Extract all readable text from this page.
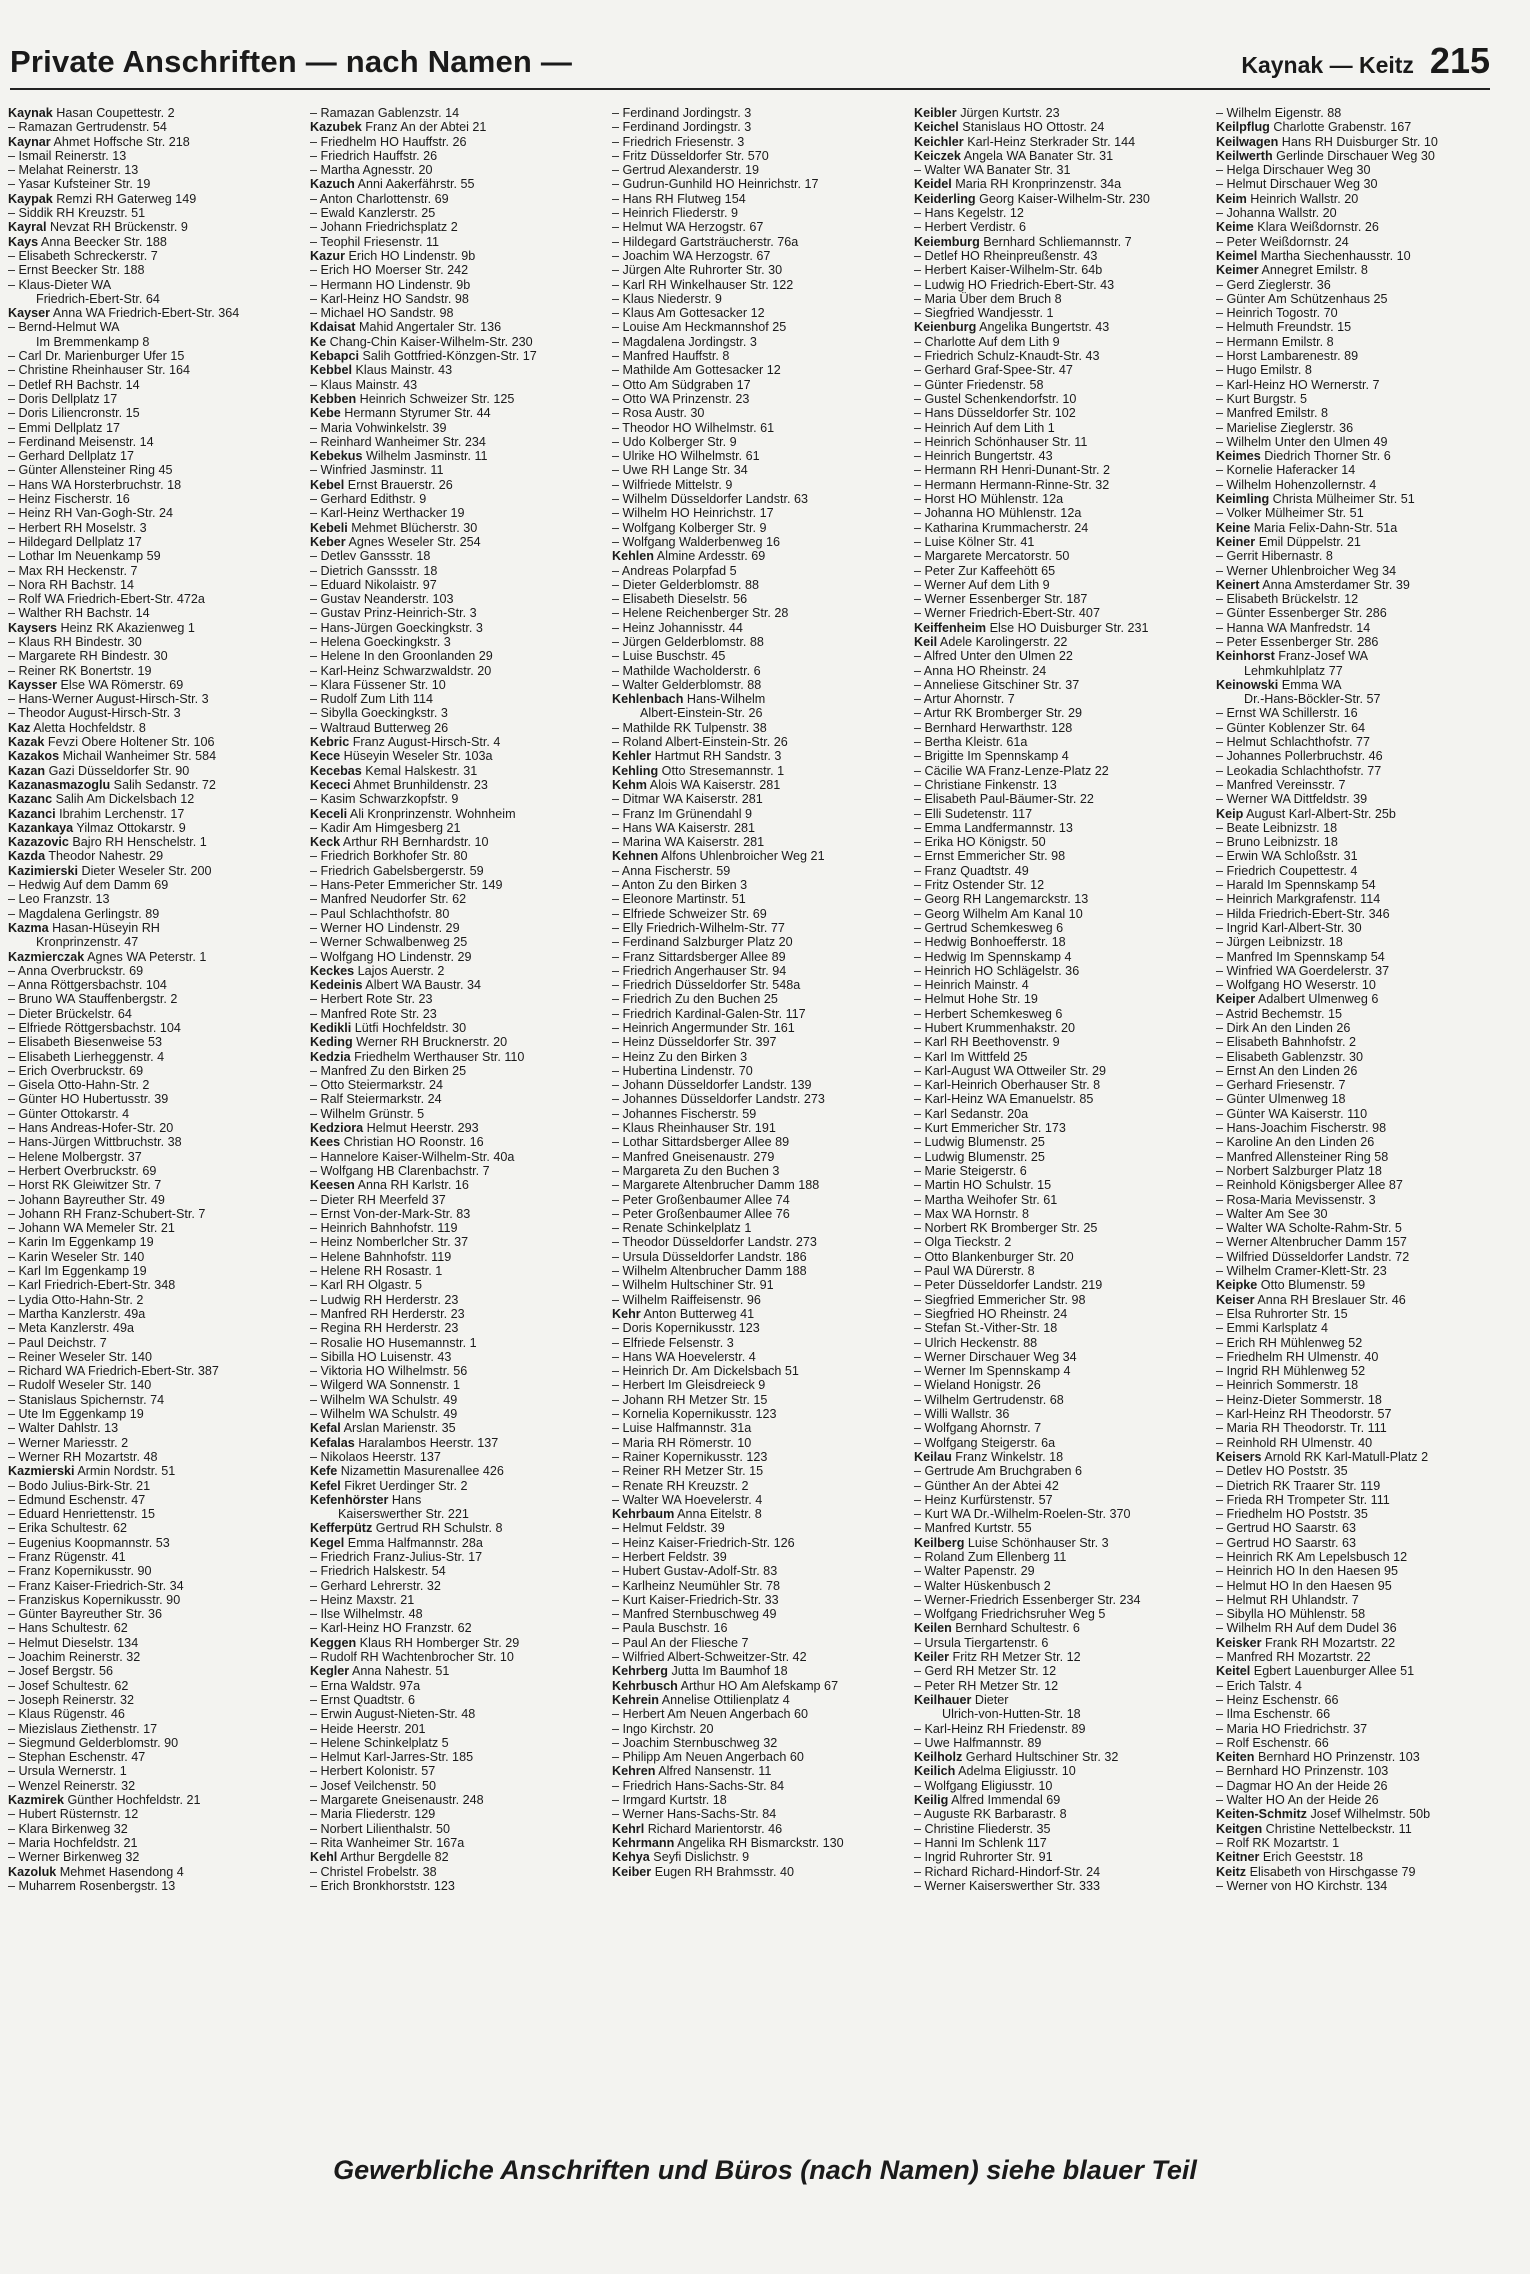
Private Anschriften — nach Namen —	Kaynak — Keitz 215
Kaynak Hasan Coupettestr. 2
– Ramazan Gertrudenstr. 54
Kaynar Ahmet Hoffsche Str. 218
– Ismail Reinerstr. 13
– Melahat Reinerstr. 13
– Yasar Kufsteiner Str. 19
Kaypak Remzi RH Gaterweg 149
– Siddik RH Kreuzstr. 51
Kayral Nevzat RH Brückenstr. 9
Kays Anna Beecker Str. 188
– Elisabeth Schreckerstr. 7
– Ernst Beecker Str. 188
– Klaus-Dieter WA
Friedrich-Ebert-Str. 64
Kayser Anna WA Friedrich-Ebert-Str. 364
– Bernd-Helmut WA
Im Bremmenkamp 8
– Carl Dr. Marienburger Ufer 15
– Christine Rheinhauser Str. 164
– Detlef RH Bachstr. 14
– Doris Dellplatz 17
– Doris Liliencronstr. 15
– Emmi Dellplatz 17
– Ferdinand Meisenstr. 14
– Gerhard Dellplatz 17
– Günter Allensteiner Ring 45
– Hans WA Horsterbruchstr. 18
– Heinz Fischerstr. 16
– Heinz RH Van-Gogh-Str. 24
– Herbert RH Moselstr. 3
– Hildegard Dellplatz 17
– Lothar Im Neuenkamp 59
– Max RH Heckenstr. 7
– Nora RH Bachstr. 14
– Rolf WA Friedrich-Ebert-Str. 472a
– Walther RH Bachstr. 14
Kaysers Heinz RK Akazienweg 1
– Klaus RH Bindestr. 30
– Margarete RH Bindestr. 30
– Reiner RK Bonertstr. 19
Kaysser Else WA Römerstr. 69
– Hans-Werner August-Hirsch-Str. 3
– Theodor August-Hirsch-Str. 3
Kaz Aletta Hochfeldstr. 8
Kazak Fevzi Obere Holtener Str. 106
Kazakos Michail Wanheimer Str. 584
Kazan Gazi Düsseldorfer Str. 90
Kazanasmazoglu Salih Sedanstr. 72
Kazanc Salih Am Dickelsbach 12
Kazanci Ibrahim Lerchenstr. 17
Kazankaya Yilmaz Ottokarstr. 9
Kazazovic Bajro RH Henschelstr. 1
Kazda Theodor Nahestr. 29
Kazimierski Dieter Weseler Str. 200
– Hedwig Auf dem Damm 69
– Leo Franzstr. 13
– Magdalena Gerlingstr. 89
Kazma Hasan-Hüseyin RH
Kronprinzenstr. 47
Kazmierczak Agnes WA Peterstr. 1
– Anna Overbruckstr. 69
– Anna Röttgersbachstr. 104
– Bruno WA Stauffenbergstr. 2
– Dieter Brückelstr. 64
– Elfriede Röttgersbachstr. 104
– Elisabeth Biesenweise 53
– Elisabeth Lierheggenstr. 4
– Erich Overbruckstr. 69
– Gisela Otto-Hahn-Str. 2
– Günter HO Hubertusstr. 39
– Günter Ottokarstr. 4
– Hans Andreas-Hofer-Str. 20
– Hans-Jürgen Wittbruchstr. 38
– Helene Molbergstr. 37
– Herbert Overbruckstr. 69
– Horst RK Gleiwitzer Str. 7
– Johann Bayreuther Str. 49
– Johann RH Franz-Schubert-Str. 7
– Johann WA Memeler Str. 21
– Karin Im Eggenkamp 19
– Karin Weseler Str. 140
– Karl Im Eggenkamp 19
– Karl Friedrich-Ebert-Str. 348
– Lydia Otto-Hahn-Str. 2
– Martha Kanzlerstr. 49a
– Meta Kanzlerstr. 49a
– Paul Deichstr. 7
– Reiner Weseler Str. 140
– Richard WA Friedrich-Ebert-Str. 387
– Rudolf Weseler Str. 140
– Stanislaus Spichernstr. 74
– Ute Im Eggenkamp 19
– Walter Dahlstr. 13
– Werner Mariesstr. 2
– Werner RH Mozartstr. 48
Kazmierski Armin Nordstr. 51
– Bodo Julius-Birk-Str. 21
– Edmund Eschenstr. 47
– Eduard Henriettenstr. 15
– Erika Schultestr. 62
– Eugenius Koopmannstr. 53
– Franz Rügenstr. 41
– Franz Kopernikusstr. 90
– Franz Kaiser-Friedrich-Str. 34
– Franziskus Kopernikusstr. 90
– Günter Bayreuther Str. 36
– Hans Schultestr. 62
– Helmut Dieselstr. 134
– Joachim Reinerstr. 32
– Josef Bergstr. 56
– Josef Schultestr. 62
– Joseph Reinerstr. 32
– Klaus Rügenstr. 46
– Miezislaus Ziethenstr. 17
– Siegmund Gelderblomstr. 90
– Stephan Eschenstr. 47
– Ursula Wernerstr. 1
– Wenzel Reinerstr. 32
Kazmirek Günther Hochfeldstr. 21
– Hubert Rüsternstr. 12
– Klara Birkenweg 32
– Maria Hochfeldstr. 21
– Werner Birkenweg 32
Kazoluk Mehmet Hasendong 4
– Muharrem Rosenbergstr. 13
– Ramazan Gablenzstr. 14
Kazubek Franz An der Abtei 21
– Friedhelm HO Hauffstr. 26
– Friedrich Hauffstr. 26
– Martha Agnesstr. 20
Kazuch Anni Aakerfährstr. 55
– Anton Charlottenstr. 69
– Ewald Kanzlerstr. 25
– Johann Friedrichsplatz 2
– Teophil Friesenstr. 11
Kazur Erich HO Lindenstr. 9b
– Erich HO Moerser Str. 242
– Hermann HO Lindenstr. 9b
– Karl-Heinz HO Sandstr. 98
– Michael HO Sandstr. 98
Kdaisat Mahid Angertaler Str. 136
Ke Chang-Chin Kaiser-Wilhelm-Str. 230
Kebapci Salih Gottfried-Könzgen-Str. 17
Kebbel Klaus Mainstr. 43
– Klaus Mainstr. 43
Kebben Heinrich Schweizer Str. 125
Kebe Hermann Styrumer Str. 44
– Maria Vohwinkelstr. 39
– Reinhard Wanheimer Str. 234
Kebekus Wilhelm Jasminstr. 11
– Winfried Jasminstr. 11
Kebel Ernst Brauerstr. 26
– Gerhard Edithstr. 9
– Karl-Heinz Werthacker 19
Kebeli Mehmet Blücherstr. 30
Keber Agnes Weseler Str. 254
– Detlev Ganssstr. 18
– Dietrich Ganssstr. 18
– Eduard Nikolaistr. 97
– Gustav Neanderstr. 103
– Gustav Prinz-Heinrich-Str. 3
– Hans-Jürgen Goeckingkstr. 3
– Helena Goeckingkstr. 3
– Helene In den Groonlanden 29
– Karl-Heinz Schwarzwaldstr. 20
– Klara Füssener Str. 10
– Rudolf Zum Lith 114
– Sibylla Goeckingkstr. 3
– Waltraud Butterweg 26
Kebric Franz August-Hirsch-Str. 4
Kece Hüseyin Weseler Str. 103a
Kecebas Kemal Halskestr. 31
Kececi Ahmet Brunhildenstr. 23
– Kasim Schwarzkopfstr. 9
Keceli Ali Kronprinzenstr. Wohnheim
– Kadir Am Himgesberg 21
Keck Arthur RH Bernhardstr. 10
– Friedrich Borkhofer Str. 80
– Friedrich Gabelsbergerstr. 59
– Hans-Peter Emmericher Str. 149
– Manfred Neudorfer Str. 62
– Paul Schlachthofstr. 80
– Werner HO Lindenstr. 29
– Werner Schwalbenweg 25
– Wolfgang HO Lindenstr. 29
Keckes Lajos Auerstr. 2
Kedeinis Albert WA Baustr. 34
– Herbert Rote Str. 23
– Manfred Rote Str. 23
Kedikli Lütfi Hochfeldstr. 30
Keding Werner RH Brucknerstr. 20
Kedzia Friedhelm Werthauser Str. 110
– Manfred Zu den Birken 25
– Otto Steiermarkstr. 24
– Ralf Steiermarkstr. 24
– Wilhelm Grünstr. 5
Kedziora Helmut Heerstr. 293
Kees Christian HO Roonstr. 16
– Hannelore Kaiser-Wilhelm-Str. 40a
– Wolfgang HB Clarenbachstr. 7
Keesen Anna RH Karlstr. 16
– Dieter RH Meerfeld 37
– Ernst Von-der-Mark-Str. 83
– Heinrich Bahnhofstr. 119
– Heinz Nomberlcher Str. 37
– Helene Bahnhofstr. 119
– Helene RH Rosastr. 1
– Karl RH Olgastr. 5
– Ludwig RH Herderstr. 23
– Manfred RH Herderstr. 23
– Regina RH Herderstr. 23
– Rosalie HO Husemannstr. 1
– Sibilla HO Luisenstr. 43
– Viktoria HO Wilhelmstr. 56
– Wilgerd WA Sonnenstr. 1
– Wilhelm WA Schulstr. 49
– Wilhelm WA Schulstr. 49
Kefal Arslan Marienstr. 35
Kefalas Haralambos Heerstr. 137
– Nikolaos Heerstr. 137
Kefe Nizamettin Masurenallee 426
Kefel Fikret Uerdinger Str. 2
Kefenhörster Hans
Kaiserswerther Str. 221
Kefferpütz Gertrud RH Schulstr. 8
Kegel Emma Halfmannstr. 28a
– Friedrich Franz-Julius-Str. 17
– Friedrich Halskestr. 54
– Gerhard Lehrerstr. 32
– Heinz Maxstr. 21
– Ilse Wilhelmstr. 48
– Karl-Heinz HO Franzstr. 62
Keggen Klaus RH Homberger Str. 29
– Rudolf RH Wachtenbrocher Str. 10
Kegler Anna Nahestr. 51
– Erna Waldstr. 97a
– Ernst Quadtstr. 6
– Erwin August-Nieten-Str. 48
– Heide Heerstr. 201
– Helene Schinkelplatz 5
– Helmut Karl-Jarres-Str. 185
– Herbert Kolonistr. 57
– Josef Veilchenstr. 50
– Margarete Gneisenaustr. 248
– Maria Fliederstr. 129
– Norbert Lilienthalstr. 50
– Rita Wanheimer Str. 167a
Kehl Arthur Bergdelle 82
– Christel Frobelstr. 38
– Erich Bronkhorststr. 123
– Ferdinand Jordingstr. 3
– Ferdinand Jordingstr. 3
– Friedrich Friesenstr. 3
– Fritz Düsseldorfer Str. 570
– Gertrud Alexanderstr. 19
– Gudrun-Gunhild HO Heinrichstr. 17
– Hans RH Flutweg 154
– Heinrich Fliederstr. 9
– Helmut WA Herzogstr. 67
– Hildegard Gartsträucherstr. 76a
– Joachim WA Herzogstr. 67
– Jürgen Alte Ruhrorter Str. 30
– Karl RH Winkelhauser Str. 122
– Klaus Niederstr. 9
– Klaus Am Gottesacker 12
– Louise Am Heckmannshof 25
– Magdalena Jordingstr. 3
– Manfred Hauffstr. 8
– Mathilde Am Gottesacker 12
– Otto Am Südgraben 17
– Otto WA Prinzenstr. 23
– Rosa Austr. 30
– Theodor HO Wilhelmstr. 61
– Udo Kolberger Str. 9
– Ulrike HO Wilhelmstr. 61
– Uwe RH Lange Str. 34
– Wilfriede Mittelstr. 9
– Wilhelm Düsseldorfer Landstr. 63
– Wilhelm HO Heinrichstr. 17
– Wolfgang Kolberger Str. 9
– Wolfgang Walderbenweg 16
Kehlen Almine Ardesstr. 69
– Andreas Polarpfad 5
– Dieter Gelderblomstr. 88
– Elisabeth Dieselstr. 56
– Helene Reichenberger Str. 28
– Heinz Johannisstr. 44
– Jürgen Gelderblomstr. 88
– Luise Buschstr. 45
– Mathilde Wacholderstr. 6
– Walter Gelderblomstr. 88
Kehlenbach Hans-Wilhelm
Albert-Einstein-Str. 26
– Mathilde RK Tulpenstr. 38
– Roland Albert-Einstein-Str. 26
Kehler Hartmut RH Sandstr. 3
Kehling Otto Stresemannstr. 1
Kehm Alois WA Kaiserstr. 281
– Ditmar WA Kaiserstr. 281
– Franz Im Grünendahl 9
– Hans WA Kaiserstr. 281
– Marina WA Kaiserstr. 281
Kehnen Alfons Uhlenbroicher Weg 21
– Anna Fischerstr. 59
– Anton Zu den Birken 3
– Eleonore Martinstr. 51
– Elfriede Schweizer Str. 69
– Elly Friedrich-Wilhelm-Str. 77
– Ferdinand Salzburger Platz 20
– Franz Sittardsberger Allee 89
– Friedrich Angerhauser Str. 94
– Friedrich Düsseldorfer Str. 548a
– Friedrich Zu den Buchen 25
– Friedrich Kardinal-Galen-Str. 117
– Heinrich Angermunder Str. 161
– Heinz Düsseldorfer Str. 397
– Heinz Zu den Birken 3
– Hubertina Lindenstr. 70
– Johann Düsseldorfer Landstr. 139
– Johannes Düsseldorfer Landstr. 273
– Johannes Fischerstr. 59
– Klaus Rheinhauser Str. 191
– Lothar Sittardsberger Allee 89
– Manfred Gneisenaustr. 279
– Margareta Zu den Buchen 3
– Margarete Altenbrucher Damm 188
– Peter Großenbaumer Allee 74
– Peter Großenbaumer Allee 76
– Renate Schinkelplatz 1
– Theodor Düsseldorfer Landstr. 273
– Ursula Düsseldorfer Landstr. 186
– Wilhelm Altenbrucher Damm 188
– Wilhelm Hultschiner Str. 91
– Wilhelm Raiffeisenstr. 96
Kehr Anton Butterweg 41
– Doris Kopernikusstr. 123
– Elfriede Felsenstr. 3
– Hans WA Hoevelerstr. 4
– Heinrich Dr. Am Dickelsbach 51
– Herbert Im Gleisdreieck 9
– Johann RH Metzer Str. 15
– Kornelia Kopernikusstr. 123
– Luise Halfmannstr. 31a
– Maria RH Römerstr. 10
– Rainer Kopernikusstr. 123
– Reiner RH Metzer Str. 15
– Renate RH Kreuzstr. 2
– Walter WA Hoevelerstr. 4
Kehrbaum Anna Eitelstr. 8
– Helmut Feldstr. 39
– Heinz Kaiser-Friedrich-Str. 126
– Herbert Feldstr. 39
– Hubert Gustav-Adolf-Str. 83
– Karlheinz Neumühler Str. 78
– Kurt Kaiser-Friedrich-Str. 33
– Manfred Sternbuschweg 49
– Paula Buschstr. 16
– Paul An der Fliesche 7
– Wilfried Albert-Schweitzer-Str. 42
Kehrberg Jutta Im Baumhof 18
Kehrbusch Arthur HO Am Alefskamp 67
Kehrein Annelise Ottilienplatz 4
– Herbert Am Neuen Angerbach 60
– Ingo Kirchstr. 20
– Joachim Sternbuschweg 32
– Philipp Am Neuen Angerbach 60
Kehren Alfred Nansenstr. 11
– Friedrich Hans-Sachs-Str. 84
– Irmgard Kurtstr. 18
– Werner Hans-Sachs-Str. 84
Kehrl Richard Marientorstr. 46
Kehrmann Angelika RH Bismarckstr. 130
Kehya Seyfi Dislichstr. 9
Keiber Eugen RH Brahmsstr. 40
Keibler Jürgen Kurtstr. 23
Keichel Stanislaus HO Ottostr. 24
Keichler Karl-Heinz Sterkrader Str. 144
Keiczek Angela WA Banater Str. 31
– Walter WA Banater Str. 31
Keidel Maria RH Kronprinzenstr. 34a
Keiderling Georg Kaiser-Wilhelm-Str. 230
– Hans Kegelstr. 12
– Herbert Verdistr. 6
Keiemburg Bernhard Schliemannstr. 7
– Detlef HO Rheinpreußenstr. 43
– Herbert Kaiser-Wilhelm-Str. 64b
– Ludwig HO Friedrich-Ebert-Str. 43
– Maria Über dem Bruch 8
– Siegfried Wandjesstr. 1
Keienburg Angelika Bungertstr. 43
– Charlotte Auf dem Lith 9
– Friedrich Schulz-Knaudt-Str. 43
– Gerhard Graf-Spee-Str. 47
– Günter Friedenstr. 58
– Gustel Schenkendorfstr. 10
– Hans Düsseldorfer Str. 102
– Heinrich Auf dem Lith 1
– Heinrich Schönhauser Str. 11
– Heinrich Bungertstr. 43
– Hermann RH Henri-Dunant-Str. 2
– Hermann Hermann-Rinne-Str. 32
– Horst HO Mühlenstr. 12a
– Johanna HO Mühlenstr. 12a
– Katharina Krummacherstr. 24
– Luise Kölner Str. 41
– Margarete Mercatorstr. 50
– Peter Zur Kaffeehött 65
– Werner Auf dem Lith 9
– Werner Essenberger Str. 187
– Werner Friedrich-Ebert-Str. 407
Keiffenheim Else HO Duisburger Str. 231
Keil Adele Karolingerstr. 22
– Alfred Unter den Ulmen 22
– Anna HO Rheinstr. 24
– Anneliese Gitschiner Str. 37
– Artur Ahornstr. 7
– Artur RK Bromberger Str. 29
– Bernhard Herwarthstr. 128
– Bertha Kleistr. 61a
– Brigitte Im Spennskamp 4
– Cäcilie WA Franz-Lenze-Platz 22
– Christiane Finkenstr. 13
– Elisabeth Paul-Bäumer-Str. 22
– Elli Sudetenstr. 117
– Emma Landfermannstr. 13
– Erika HO Königstr. 50
– Ernst Emmericher Str. 98
– Franz Quadtstr. 49
– Fritz Ostender Str. 12
– Georg RH Langemarckstr. 13
– Georg Wilhelm Am Kanal 10
– Gertrud Schemkesweg 6
– Hedwig Bonhoefferstr. 18
– Hedwig Im Spennskamp 4
– Heinrich HO Schlägelstr. 36
– Heinrich Mainstr. 4
– Helmut Hohe Str. 19
– Herbert Schemkesweg 6
– Hubert Krummenhakstr. 20
– Karl RH Beethovenstr. 9
– Karl Im Wittfeld 25
– Karl-August WA Ottweiler Str. 29
– Karl-Heinrich Oberhauser Str. 8
– Karl-Heinz WA Emanuelstr. 85
– Karl Sedanstr. 20a
– Kurt Emmericher Str. 173
– Ludwig Blumenstr. 25
– Ludwig Blumenstr. 25
– Marie Steigerstr. 6
– Martin HO Schulstr. 15
– Martha Weihofer Str. 61
– Max WA Hornstr. 8
– Norbert RK Bromberger Str. 25
– Olga Tieckstr. 2
– Otto Blankenburger Str. 20
– Paul WA Dürerstr. 8
– Peter Düsseldorfer Landstr. 219
– Siegfried Emmericher Str. 98
– Siegfried HO Rheinstr. 24
– Stefan St.-Vither-Str. 18
– Ulrich Heckenstr. 88
– Werner Dirschauer Weg 34
– Werner Im Spennskamp 4
– Wieland Honigstr. 26
– Wilhelm Gertrudenstr. 68
– Willi Wallstr. 36
– Wolfgang Ahornstr. 7
– Wolfgang Steigerstr. 6a
Keilau Franz Winkelstr. 18
– Gertrude Am Bruchgraben 6
– Günther An der Abtei 42
– Heinz Kurfürstenstr. 57
– Kurt WA Dr.-Wilhelm-Roelen-Str. 370
– Manfred Kurtstr. 55
Keilberg Luise Schönhauser Str. 3
– Roland Zum Ellenberg 11
– Walter Papenstr. 29
– Walter Hüskenbusch 2
– Werner-Friedrich Essenberger Str. 234
– Wolfgang Friedrichsruher Weg 5
Keilen Bernhard Schultestr. 6
– Ursula Tiergartenstr. 6
Keiler Fritz RH Metzer Str. 12
– Gerd RH Metzer Str. 12
– Peter RH Metzer Str. 12
Keilhauer Dieter
Ulrich-von-Hutten-Str. 18
– Karl-Heinz RH Friedenstr. 89
– Uwe Halfmannstr. 89
Keilholz Gerhard Hultschiner Str. 32
Keilich Adelma Eligiusstr. 10
– Wolfgang Eligiusstr. 10
Keilig Alfred Immendal 69
– Auguste RK Barbarastr. 8
– Christine Fliederstr. 35
– Hanni Im Schlenk 117
– Ingrid Ruhrorter Str. 91
– Richard Richard-Hindorf-Str. 24
– Werner Kaiserswerther Str. 333
– Wilhelm Eigenstr. 88
Keilpflug Charlotte Grabenstr. 167
Keilwagen Hans RH Duisburger Str. 10
Keilwerth Gerlinde Dirschauer Weg 30
– Helga Dirschauer Weg 30
– Helmut Dirschauer Weg 30
Keim Heinrich Wallstr. 20
– Johanna Wallstr. 20
Keime Klara Weißdornstr. 26
– Peter Weißdornstr. 24
Keimel Martha Siechenhausstr. 10
Keimer Annegret Emilstr. 8
– Gerd Zieglerstr. 36
– Günter Am Schützenhaus 25
– Heinrich Togostr. 70
– Helmuth Freundstr. 15
– Hermann Emilstr. 8
– Horst Lambarenestr. 89
– Hugo Emilstr. 8
– Karl-Heinz HO Wernerstr. 7
– Kurt Burgstr. 5
– Manfred Emilstr. 8
– Marielise Zieglerstr. 36
– Wilhelm Unter den Ulmen 49
Keimes Diedrich Thorner Str. 6
– Kornelie Haferacker 14
– Wilhelm Hohenzollernstr. 4
Keimling Christa Mülheimer Str. 51
– Volker Mülheimer Str. 51
Keine Maria Felix-Dahn-Str. 51a
Keiner Emil Düppelstr. 21
– Gerrit Hibernastr. 8
– Werner Uhlenbroicher Weg 34
Keinert Anna Amsterdamer Str. 39
– Elisabeth Brückelstr. 12
– Günter Essenberger Str. 286
– Hanna WA Manfredstr. 14
– Peter Essenberger Str. 286
Keinhorst Franz-Josef WA
Lehmkuhlplatz 77
Keinowski Emma WA
Dr.-Hans-Böckler-Str. 57
– Ernst WA Schillerstr. 16
– Günter Koblenzer Str. 64
– Helmut Schlachthofstr. 77
– Johannes Pollerbruchstr. 46
– Leokadia Schlachthofstr. 77
– Manfred Vereinsstr. 7
– Werner WA Dittfeldstr. 39
Keip August Karl-Albert-Str. 25b
– Beate Leibnizstr. 18
– Bruno Leibnizstr. 18
– Erwin WA Schloßstr. 31
– Friedrich Coupettestr. 4
– Harald Im Spennskamp 54
– Heinrich Markgrafenstr. 114
– Hilda Friedrich-Ebert-Str. 346
– Ingrid Karl-Albert-Str. 30
– Jürgen Leibnizstr. 18
– Manfred Im Spennskamp 54
– Winfried WA Goerdelerstr. 37
– Wolfgang HO Weserstr. 10
Keiper Adalbert Ulmenweg 6
– Astrid Bechemstr. 15
– Dirk An den Linden 26
– Elisabeth Bahnhofstr. 2
– Elisabeth Gablenzstr. 30
– Ernst An den Linden 26
– Gerhard Friesenstr. 7
– Günter Ulmenweg 18
– Günter WA Kaiserstr. 110
– Hans-Joachim Fischerstr. 98
– Karoline An den Linden 26
– Manfred Allensteiner Ring 58
– Norbert Salzburger Platz 18
– Reinhold Königsberger Allee 87
– Rosa-Maria Mevissenstr. 3
– Walter Am See 30
– Walter WA Scholte-Rahm-Str. 5
– Werner Altenbrucher Damm 157
– Wilfried Düsseldorfer Landstr. 72
– Wilhelm Cramer-Klett-Str. 23
Keipke Otto Blumenstr. 59
Keiser Anna RH Breslauer Str. 46
– Elsa Ruhrorter Str. 15
– Emmi Karlsplatz 4
– Erich RH Mühlenweg 52
– Friedhelm RH Ulmenstr. 40
– Ingrid RH Mühlenweg 52
– Heinrich Sommerstr. 18
– Heinz-Dieter Sommerstr. 18
– Karl-Heinz RH Theodorstr. 57
– Maria RH Theodorstr. Tr. 111
– Reinhold RH Ulmenstr. 40
Keisers Arnold RK Karl-Matull-Platz 2
– Detlev HO Poststr. 35
– Dietrich RK Traarer Str. 119
– Frieda RH Trompeter Str. 111
– Friedhelm HO Poststr. 35
– Gertrud HO Saarstr. 63
– Gertrud HO Saarstr. 63
– Heinrich RK Am Lepelsbusch 12
– Heinrich HO In den Haesen 95
– Helmut HO In den Haesen 95
– Helmut RH Uhlandstr. 7
– Sibylla HO Mühlenstr. 58
– Wilhelm RH Auf dem Dudel 36
Keisker Frank RH Mozartstr. 22
– Manfred RH Mozartstr. 22
Keitel Egbert Lauenburger Allee 51
– Erich Talstr. 4
– Heinz Eschenstr. 66
– Ilma Eschenstr. 66
– Maria HO Friedrichstr. 37
– Rolf Eschenstr. 66
Keiten Bernhard HO Prinzenstr. 103
– Bernhard HO Prinzenstr. 103
– Dagmar HO An der Heide 26
– Walter HO An der Heide 26
Keiten-Schmitz Josef Wilhelmstr. 50b
Keitgen Christine Nettelbeckstr. 11
– Rolf RK Mozartstr. 1
Keitner Erich Geeststr. 18
Keitz Elisabeth von Hirschgasse 79
– Werner von HO Kirchstr. 134
Gewerbliche Anschriften und Büros (nach Namen) siehe blauer Teil
